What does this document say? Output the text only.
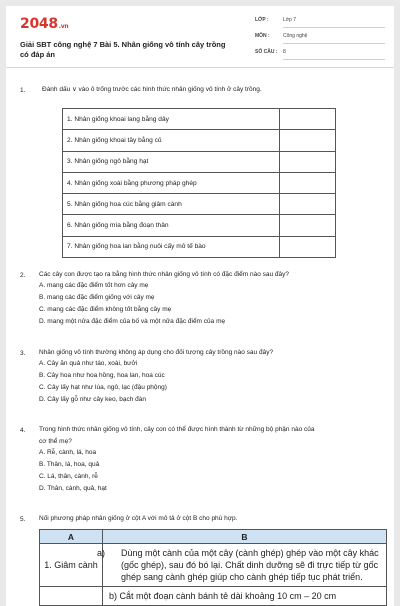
2048.vn
Giải SBT công nghệ 7 Bài 5. Nhân giống vô tính cây trồng có đáp án
LỚP :	Lớp 7
MÔN :	Công nghệ
SỐ CÂU : 8
1.	Đánh dấu ∨ vào ô trống trước các hình thức nhân giống vô tính ở cây trồng.
1. Nhân giống khoai lang bằng dây	
2. Nhân giống khoai tây bằng củ	
3. Nhân giống ngô bằng hạt	
4. Nhân giống xoài bằng phương pháp ghép	
5. Nhân giống hoa cúc bằng giâm cành	
6. Nhân giống mía bằng đoạn thân	
7. Nhân giống hoa lan bằng nuôi cấy mô tế bào	
2. Các cây con được tạo ra bằng hình thức nhân giống vô tính có đặc điểm nào sau đây?
A. mang các đặc điểm tốt hơn cây mẹ
B. mang các đặc điểm giống với cây mẹ
C. mang các đặc điểm không tốt bằng cây mẹ
D. mang một nửa đặc điểm của bố và một nửa đặc điểm của mẹ
3. Nhân giống vô tính thường không áp dụng cho đối tượng cây trồng nào sau đây?
A. Cây ăn quả như táo, xoài, bưởi
B. Cây hoa như hoa hồng, hoa lan, hoa cúc
C. Cây lấy hạt như lúa, ngô, lạc (đậu phộng)
D. Cây lấy gỗ như cây keo, bạch đàn
4. Trong hình thức nhân giống vô tính, cây con có thể được hình thành từ những bộ phận nào của
cơ thể mẹ?
A. Rễ, cành, lá, hoa
B. Thân, lá, hoa, quả
C. Lá, thân, cành, rễ
D. Thân, cành, quả, hạt
5. Nối phương pháp nhân giống ở cột A với mô tả ở cột B cho phù hợp.
A	B
1. Giâm cành	a) Dùng một cành của một cây (cành ghép) ghép vào một cây khác (gốc ghép), sau đó bó lại. Chất dinh dưỡng sẽ đi trực tiếp từ gốc ghép sang cành ghép giúp cho cành ghép tiếp tục phát triển.

	b) Cắt một đoạn cành bánh tẻ dài khoảng 10 cm – 20 cm
